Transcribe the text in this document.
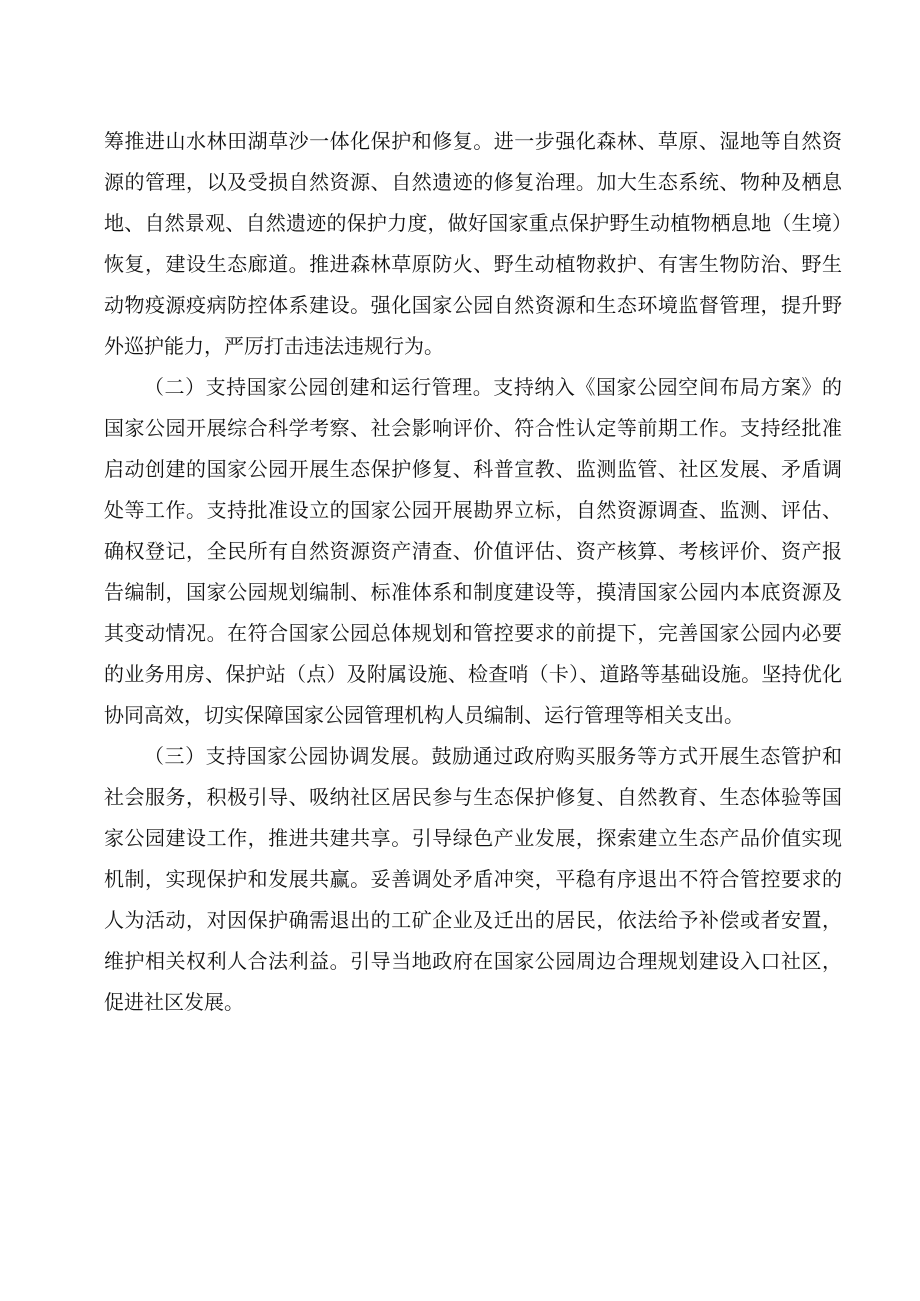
筹推进山水林田湖草沙一体化保护和修复。进一步强化森林、草原、湿地等自然资源的管理，以及受损自然资源、自然遗迹的修复治理。加大生态系统、物种及栖息地、自然景观、自然遗迹的保护力度，做好国家重点保护野生动植物栖息地（生境）恢复，建设生态廊道。推进森林草原防火、野生动植物救护、有害生物防治、野生动物疫源疫病防控体系建设。强化国家公园自然资源和生态环境监督管理，提升野外巡护能力，严厉打击违法违规行为。

（二）支持国家公园创建和运行管理。支持纳入《国家公园空间布局方案》的国家公园开展综合科学考察、社会影响评价、符合性认定等前期工作。支持经批准启动创建的国家公园开展生态保护修复、科普宣教、监测监管、社区发展、矛盾调处等工作。支持批准设立的国家公园开展勘界立标，自然资源调查、监测、评估、确权登记，全民所有自然资源资产清查、价值评估、资产核算、考核评价、资产报告编制，国家公园规划编制、标准体系和制度建设等，摸清国家公园内本底资源及其变动情况。在符合国家公园总体规划和管控要求的前提下，完善国家公园内必要的业务用房、保护站（点）及附属设施、检查哨（卡）、道路等基础设施。坚持优化协同高效，切实保障国家公园管理机构人员编制、运行管理等相关支出。

（三）支持国家公园协调发展。鼓励通过政府购买服务等方式开展生态管护和社会服务，积极引导、吸纳社区居民参与生态保护修复、自然教育、生态体验等国家公园建设工作，推进共建共享。引导绿色产业发展，探索建立生态产品价值实现机制，实现保护和发展共赢。妥善调处矛盾冲突，平稳有序退出不符合管控要求的人为活动，对因保护确需退出的工矿企业及迁出的居民，依法给予补偿或者安置，维护相关权利人合法利益。引导当地政府在国家公园周边合理规划建设入口社区，促进社区发展。
